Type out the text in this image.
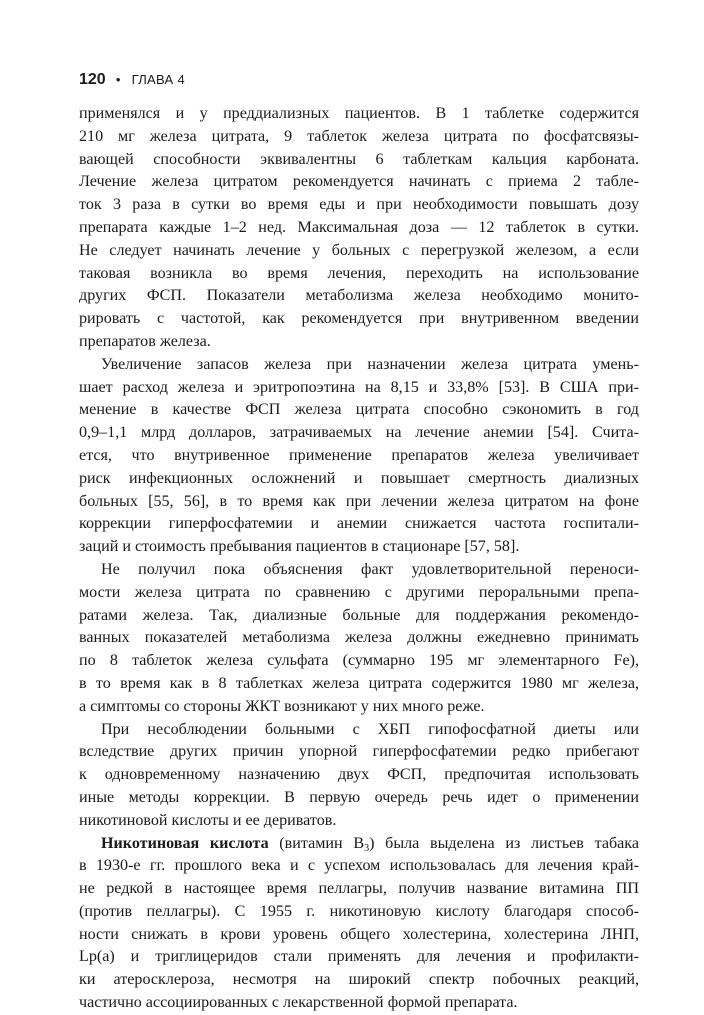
120 • ГЛАВА 4

применялся и у преддиализных пациентов. В 1 таблетке содержится
210 мг железа цитрата, 9 таблеток железа цитрата по фосфатсвязы-
вающей способности эквивалентны 6 таблеткам кальция карбоната.
Лечение железа цитратом рекомендуется начинать с приема 2 табле-
ток 3 раза в сутки во время еды и при необходимости повышать дозу
препарата каждые 1–2 нед. Максимальная доза — 12 таблеток в сутки.
Не следует начинать лечение у больных с перегрузкой железом, а если
таковая возникла во время лечения, переходить на использование
других ФСП. Показатели метаболизма железа необходимо монито-
рировать с частотой, как рекомендуется при внутривенном введении
препаратов железа.

Увеличение запасов железа при назначении железа цитрата умень-
шает расход железа и эритропоэтина на 8,15 и 33,8% [53]. В США при-
менение в качестве ФСП железа цитрата способно сэкономить в год
0,9–1,1 млрд долларов, затрачиваемых на лечение анемии [54]. Счита-
ется, что внутривенное применение препаратов железа увеличивает
риск инфекционных осложнений и повышает смертность диализных
больных [55, 56], в то время как при лечении железа цитратом на фоне
коррекции гиперфосфатемии и анемии снижается частота госпитали-
заций и стоимость пребывания пациентов в стационаре [57, 58].

Не получил пока объяснения факт удовлетворительной переноси-
мости железа цитрата по сравнению с другими пероральными препа-
ратами железа. Так, диализные больные для поддержания рекомендо-
ванных показателей метаболизма железа должны ежедневно принимать
по 8 таблеток железа сульфата (суммарно 195 мг элементарного Fe),
в то время как в 8 таблетках железа цитрата содержится 1980 мг железа,
а симптомы со стороны ЖКТ возникают у них много реже.

При несоблюдении больными с ХБП гипофосфатной диеты или
вследствие других причин упорной гиперфосфатемии редко прибегают
к одновременному назначению двух ФСП, предпочитая использовать
иные методы коррекции. В первую очередь речь идет о применении
никотиновой кислоты и ее дериватов.

Никотиновая кислота (витамин $B_3$) была выделена из листьев табака
в 1930-е гг. прошлого века и с успехом использовалась для лечения край-
не редкой в настоящее время пеллагры, получив название витамина ПП
(против пеллагры). С 1955 г. никотиновую кислоту благодаря способ-
ности снижать в крови уровень общего холестерина, холестерина ЛНП,
Lp(a) и триглицеридов стали применять для лечения и профилакти-
ки атеросклероза, несмотря на широкий спектр побочных реакций,
частично ассоциированных с лекарственной формой препарата.
